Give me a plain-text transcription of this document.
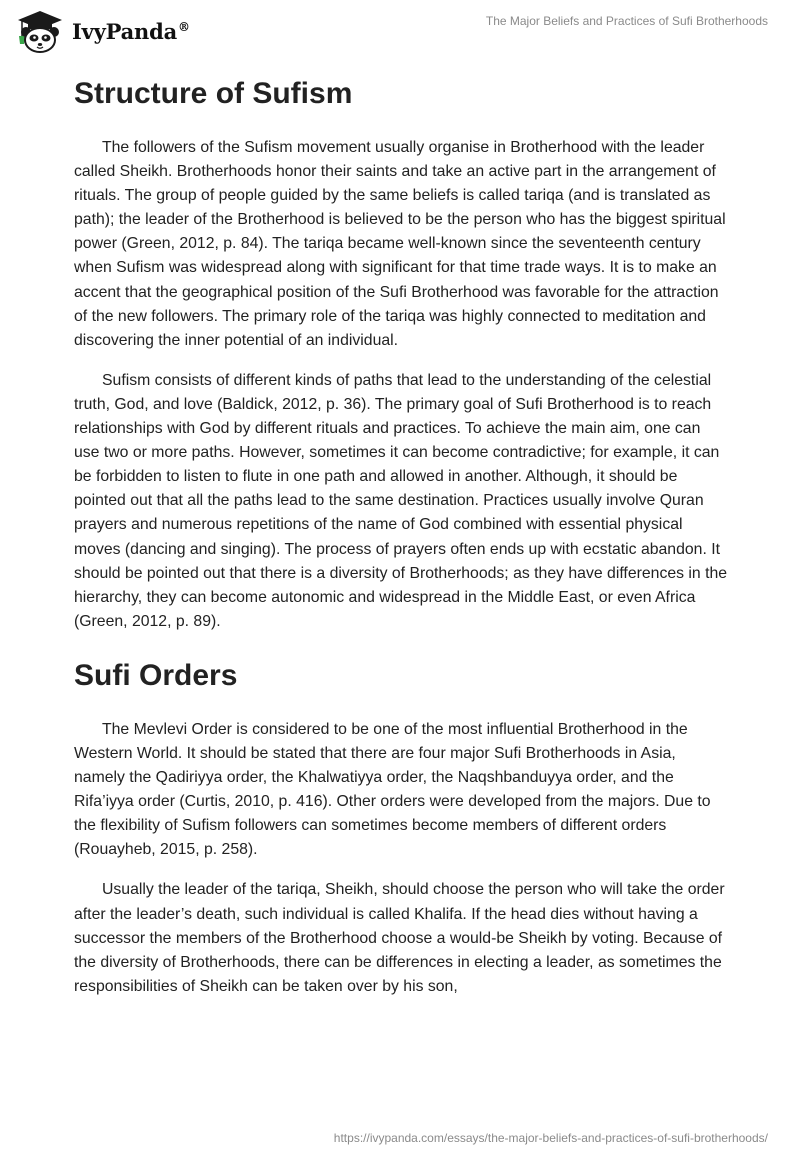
IvyPanda®	The Major Beliefs and Practices of Sufi Brotherhoods
Structure of Sufism

The followers of the Sufism movement usually organise in Brotherhood with the leader called Sheikh. Brotherhoods honor their saints and take an active part in the arrangement of rituals. The group of people guided by the same beliefs is called tariqa (and is translated as path); the leader of the Brotherhood is believed to be the person who has the biggest spiritual power (Green, 2012, p. 84). The tariqa became well-known since the seventeenth century when Sufism was widespread along with significant for that time trade ways. It is to make an accent that the geographical position of the Sufi Brotherhood was favorable for the attraction of the new followers. The primary role of the tariqa was highly connected to meditation and discovering the inner potential of an individual.

Sufism consists of different kinds of paths that lead to the understanding of the celestial truth, God, and love (Baldick, 2012, p. 36). The primary goal of Sufi Brotherhood is to reach relationships with God by different rituals and practices. To achieve the main aim, one can use two or more paths. However, sometimes it can become contradictive; for example, it can be forbidden to listen to flute in one path and allowed in another. Although, it should be pointed out that all the paths lead to the same destination. Practices usually involve Quran prayers and numerous repetitions of the name of God combined with essential physical moves (dancing and singing). The process of prayers often ends up with ecstatic abandon. It should be pointed out that there is a diversity of Brotherhoods; as they have differences in the hierarchy, they can become autonomic and widespread in the Middle East, or even Africa (Green, 2012, p. 89).

Sufi Orders

The Mevlevi Order is considered to be one of the most influential Brotherhood in the Western World. It should be stated that there are four major Sufi Brotherhoods in Asia, namely the Qadiriyya order, the Khalwatiyya order, the Naqshbanduyya order, and the Rifa’iyya order (Curtis, 2010, p. 416). Other orders were developed from the majors. Due to the flexibility of Sufism followers can sometimes become members of different orders (Rouayheb, 2015, p. 258).

Usually the leader of the tariqa, Sheikh, should choose the person who will take the order after the leader’s death, such individual is called Khalifa. If the head dies without having a successor the members of the Brotherhood choose a would-be Sheikh by voting. Because of the diversity of Brotherhoods, there can be differences in electing a leader, as sometimes the responsibilities of Sheikh can be taken over by his son,

https://ivypanda.com/essays/the-major-beliefs-and-practices-of-sufi-brotherhoods/
